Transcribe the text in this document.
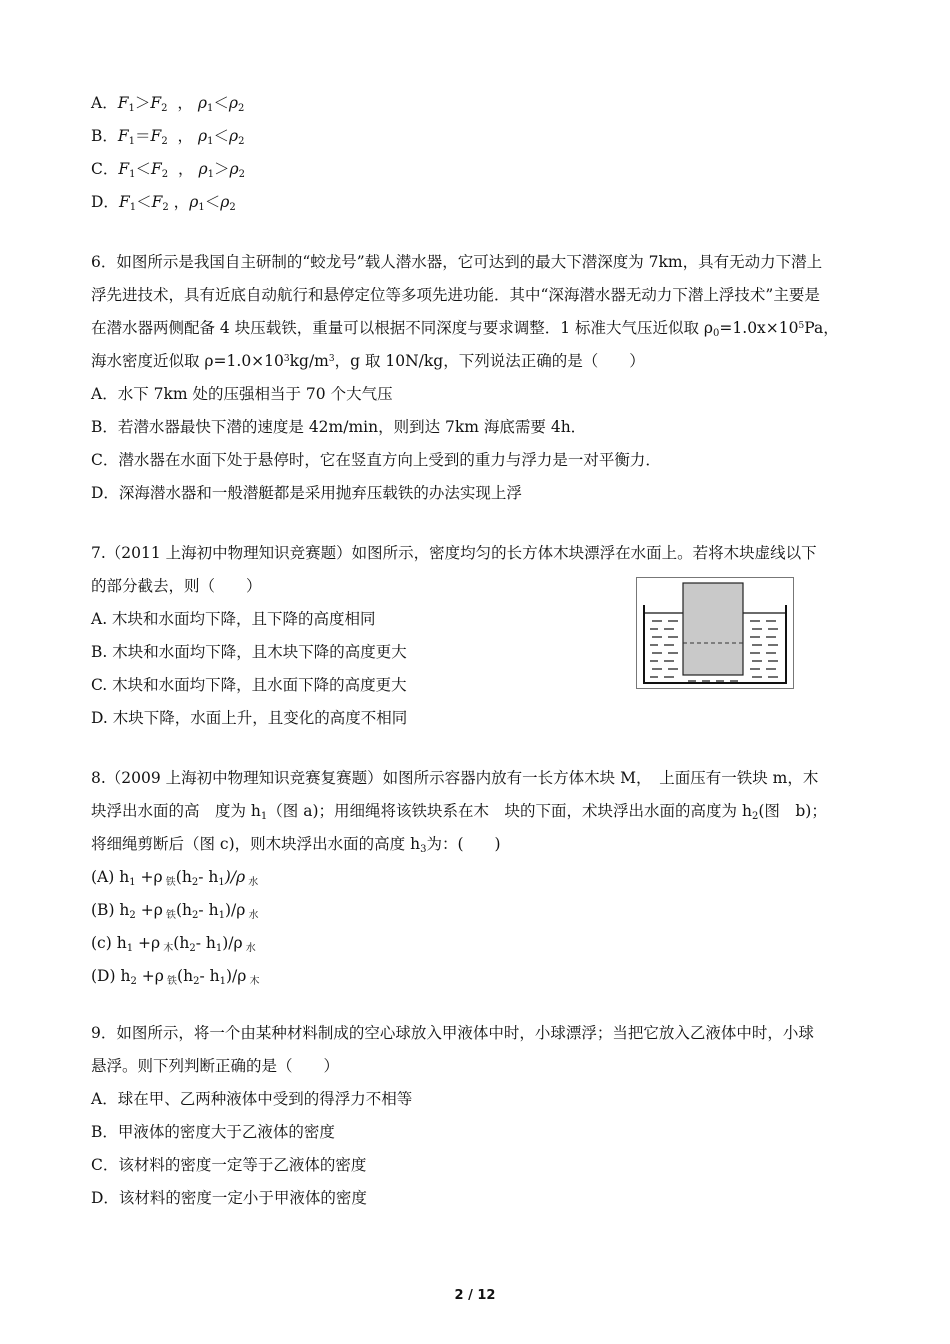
A．$F_1>F_2$ ， $\rho_1<\rho_2$
B．$F_1=F_2$ ， $\rho_1<\rho_2$
C．$F_1<F_2$ ， $\rho_1>\rho_2$
D．$F_1<F_2$ ，$\rho_1<\rho_2$
6．如图所示是我国自主研制的“蛟龙号”载人潜水器，它可达到的最大下潜深度为 7km，具有无动力下潜上
浮先进技术，具有近底自动航行和悬停定位等多项先进功能．其中“深海潜水器无动力下潜上浮技术”主要是
在潜水器两侧配备 4 块压载铁，重量可以根据不同深度与要求调整．1 标准大气压近似取 $\rho_0=1.0x\times 10^5Pa$，
海水密度近似取 $\rho=1.0\times 10^3kg/m^3$，g 取 10N/kg，下列说法正确的是（　　）
A．水下 7km 处的压强相当于 70 个大气压
B．若潜水器最快下潜的速度是 42m/min，则到达 7km 海底需要 4h．
C．潜水器在水面下处于悬停时，它在竖直方向上受到的重力与浮力是一对平衡力．
D．深海潜水器和一般潜艇都是采用抛弃压载铁的办法实现上浮
7.（2011 上海初中物理知识竞赛题）如图所示，密度均匀的长方体木块漂浮在水面上。若将木块虚线以下
的部分截去，则（　　）
A. 木块和水面均下降，且下降的高度相同
B. 木块和水面均下降，且木块下降的高度更大
C. 木块和水面均下降，且水面下降的高度更大
D. 木块下降，水面上升，且变化的高度不相同
8.（2009 上海初中物理知识竞赛复赛题）如图所示容器内放有一长方体木块 M，　上面压有一铁块 m，木
块浮出水面的高　度为 $h_1$（图 a)；用细绳将该铁块系在木　块的下面，术块浮出水面的高度为 $h_2$(图　b)；
将细绳剪断后（图 c)，则木块浮出水面的高度 $h_3$为：(　　)
(A) $h_1 +\rho$ $_铁(h_2-$ $h_1)/\rho$ $_水$
(B) $h_2 +\rho$ $_铁(h_2-$ $h_1)/\rho$ $_水$
(c) $h_1 +\rho$ $_木(h_2-$ $h_1)/\rho$ $_水$
(D) $h_2 +\rho$ $_铁(h_2-$ $h_1)/\rho$ $_木$
9．如图所示，将一个由某种材料制成的空心球放入甲液体中时，小球漂浮；当把它放入乙液体中时，小球
悬浮。则下列判断正确的是（　　）
A．球在甲、乙两种液体中受到的得浮力不相等
B．甲液体的密度大于乙液体的密度
C．该材料的密度一定等于乙液体的密度
D．该材料的密度一定小于甲液体的密度
2 / 12
